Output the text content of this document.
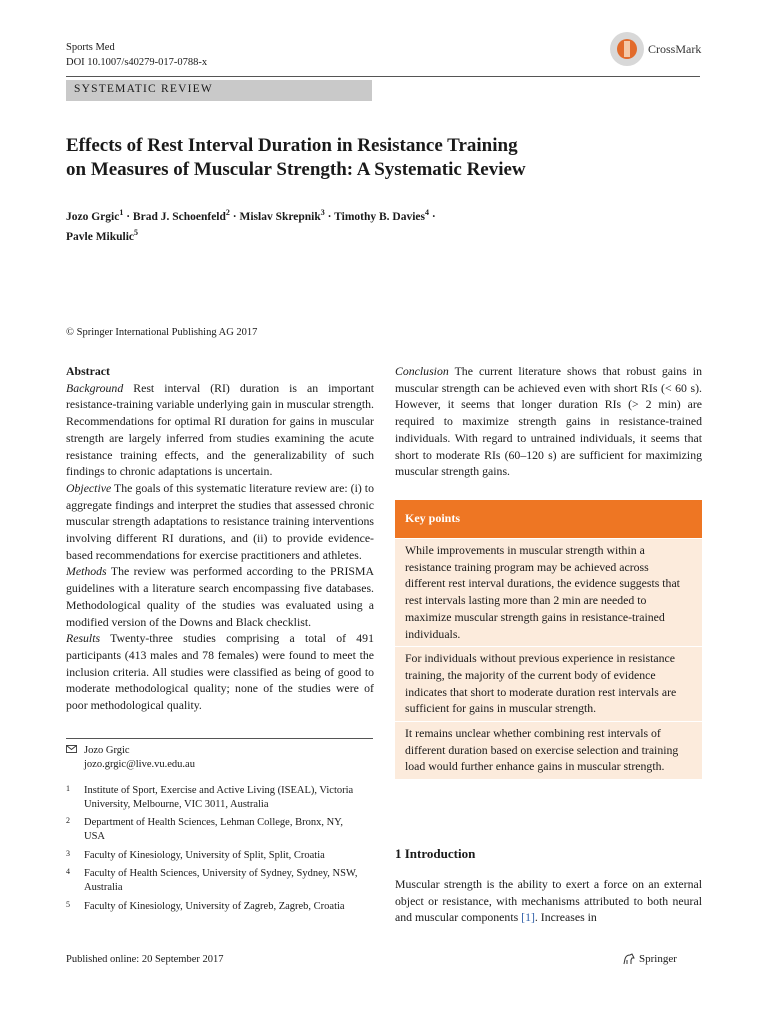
Sports Med
DOI 10.1007/s40279-017-0788-x
CrossMark
SYSTEMATIC REVIEW
Effects of Rest Interval Duration in Resistance Training
on Measures of Muscular Strength: A Systematic Review
Jozo Grgic$^1$ · Brad J. Schoenfeld$^2$ · Mislav Skrepnik$^3$ · Timothy B. Davies$^4$ ·
Pavle Mikulic$^5$
© Springer International Publishing AG 2017
Abstract

Background Rest interval (RI) duration is an important resistance-training variable underlying gain in muscular strength. Recommendations for optimal RI duration for gains in muscular strength are largely inferred from studies examining the acute resistance training effects, and the generalizability of such findings to chronic adaptations is uncertain.

Objective The goals of this systematic literature review are: (i) to aggregate findings and interpret the studies that assessed chronic muscular strength adaptations to resistance training interventions involving different RI durations, and (ii) to provide evidence-based recommendations for exercise practitioners and athletes.

Methods The review was performed according to the PRISMA guidelines with a literature search encompassing five databases. Methodological quality of the studies was evaluated using a modified version of the Downs and Black checklist.

Results Twenty-three studies comprising a total of 491 participants (413 males and 78 females) were found to meet the inclusion criteria. All studies were classified as being of good to moderate methodological quality; none of the studies were of poor methodological quality.

Jozo Grgic
jozo.grgic@live.vu.edu.au
1	Institute of Sport, Exercise and Active Living (ISEAL), Victoria University, Melbourne, VIC 3011, Australia
2	Department of Health Sciences, Lehman College, Bronx, NY, USA
3	Faculty of Kinesiology, University of Split, Split, Croatia
4	Faculty of Health Sciences, University of Sydney, Sydney, NSW, Australia
5	Faculty of Kinesiology, University of Zagreb, Zagreb, Croatia

Conclusion The current literature shows that robust gains in muscular strength can be achieved even with short RIs (< 60 s). However, it seems that longer duration RIs (> 2 min) are required to maximize strength gains in resistance-trained individuals. With regard to untrained individuals, it seems that short to moderate RIs (60–120 s) are sufficient for maximizing muscular strength gains.

Key points
While improvements in muscular strength within a resistance training program may be achieved across different rest interval durations, the evidence suggests that rest intervals lasting more than 2 min are needed to maximize muscular strength gains in resistance-trained individuals.
For individuals without previous experience in resistance training, the majority of the current body of evidence indicates that short to moderate duration rest intervals are sufficient for gains in muscular strength.
It remains unclear whether combining rest intervals of different duration based on exercise selection and training load would further enhance gains in muscular strength.
1 Introduction
Muscular strength is the ability to exert a force on an external object or resistance, with mechanisms attributed to both neural and muscular components [1]. Increases in
Published online: 20 September 2017	Springer
